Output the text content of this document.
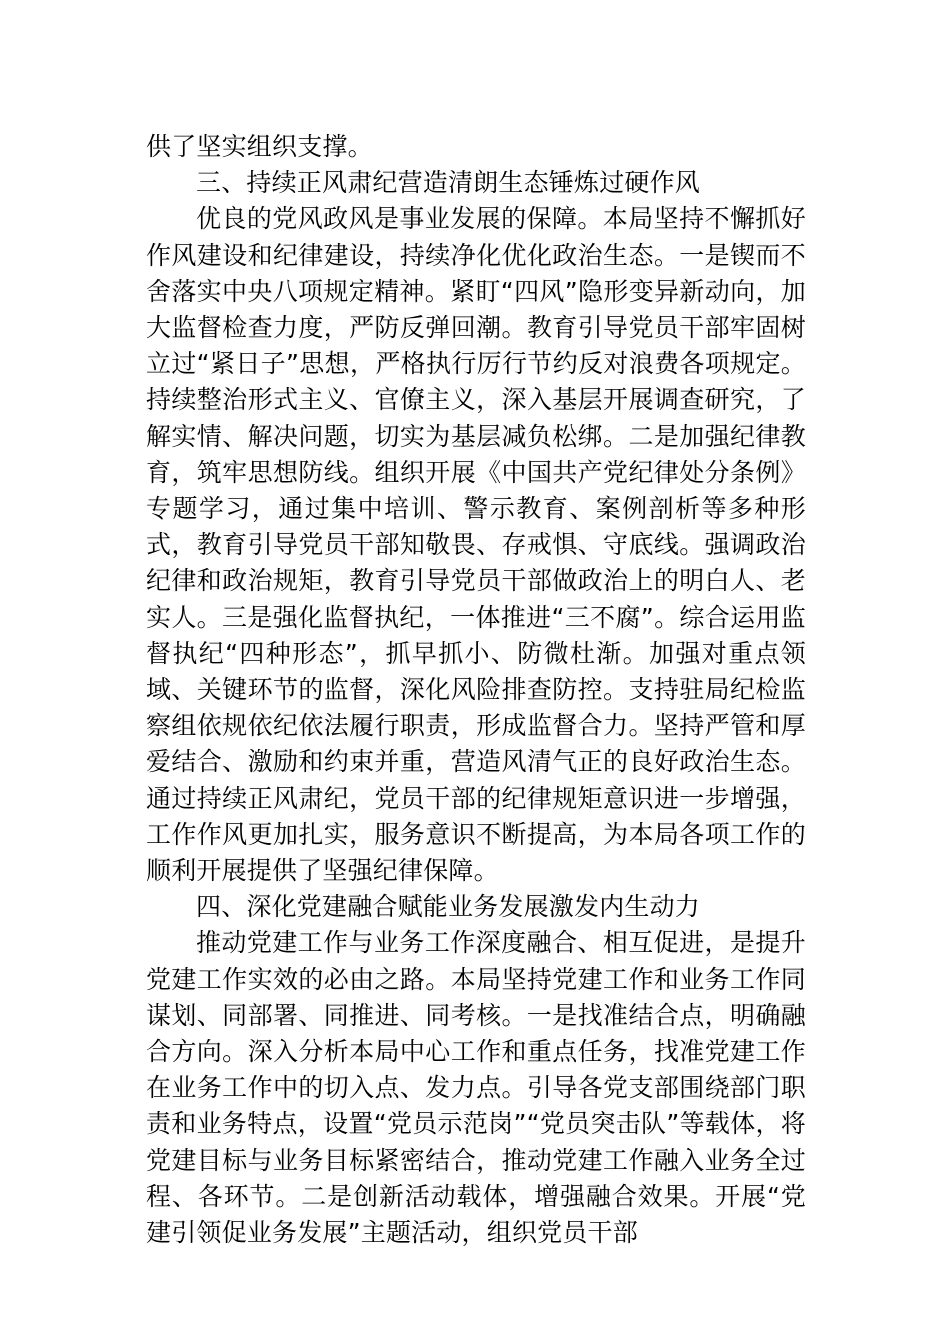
供了坚实组织支撑。

三、持续正风肃纪营造清朗生态锤炼过硬作风

优良的党风政风是事业发展的保障。本局坚持不懈抓好作风建设和纪律建设，持续净化优化政治生态。一是锲而不舍落实中央八项规定精神。紧盯“四风”隐形变异新动向，加大监督检查力度，严防反弹回潮。教育引导党员干部牢固树立过“紧日子”思想，严格执行厉行节约反对浪费各项规定。持续整治形式主义、官僚主义，深入基层开展调查研究，了解实情、解决问题，切实为基层减负松绑。二是加强纪律教育，筑牢思想防线。组织开展《中国共产党纪律处分条例》专题学习，通过集中培训、警示教育、案例剖析等多种形式，教育引导党员干部知敬畏、存戒惧、守底线。强调政治纪律和政治规矩，教育引导党员干部做政治上的明白人、老实人。三是强化监督执纪，一体推进“三不腐”。综合运用监督执纪“四种形态”，抓早抓小、防微杜渐。加强对重点领域、关键环节的监督，深化风险排查防控。支持驻局纪检监察组依规依纪依法履行职责，形成监督合力。坚持严管和厚爱结合、激励和约束并重，营造风清气正的良好政治生态。通过持续正风肃纪，党员干部的纪律规矩意识进一步增强，工作作风更加扎实，服务意识不断提高，为本局各项工作的顺利开展提供了坚强纪律保障。

四、深化党建融合赋能业务发展激发内生动力

推动党建工作与业务工作深度融合、相互促进，是提升党建工作实效的必由之路。本局坚持党建工作和业务工作同谋划、同部署、同推进、同考核。一是找准结合点，明确融合方向。深入分析本局中心工作和重点任务，找准党建工作在业务工作中的切入点、发力点。引导各党支部围绕部门职责和业务特点，设置“党员示范岗”“党员突击队”等载体，将党建目标与业务目标紧密结合，推动党建工作融入业务全过程、各环节。二是创新活动载体，增强融合效果。开展“党建引领促业务发展”主题活动，组织党员干部
